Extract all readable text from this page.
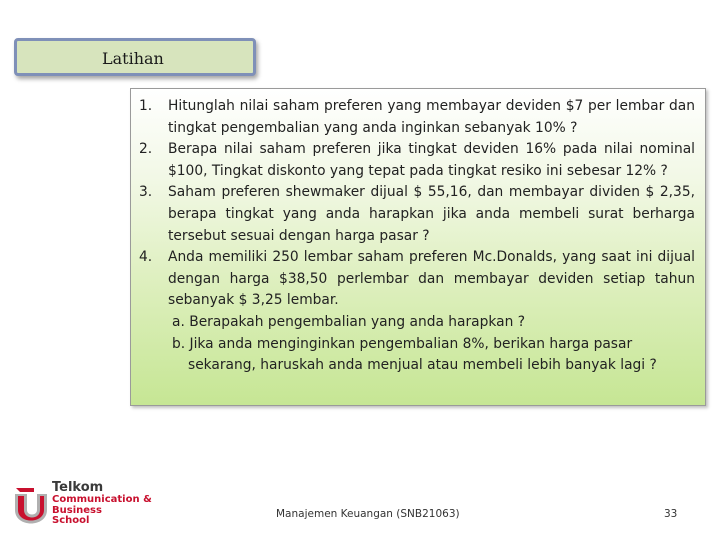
Latihan
1. Hitunglah nilai saham preferen yang membayar deviden $7 per lembar dan tingkat pengembalian yang anda inginkan sebanyak 10% ?
2. Berapa nilai saham preferen jika tingkat deviden 16% pada nilai nominal $100, Tingkat diskonto yang tepat pada tingkat resiko ini sebesar 12% ?
3. Saham preferen shewmaker dijual $ 55,16, dan membayar dividen $ 2,35, berapa tingkat yang anda harapkan jika anda membeli surat berharga tersebut sesuai dengan harga pasar ?
4. Anda memiliki 250 lembar saham preferen Mc.Donalds, yang saat ini dijual dengan harga $38,50 perlembar dan membayar deviden setiap tahun sebanyak $ 3,25 lembar.
a. Berapakah pengembalian yang anda harapkan ?
b. Jika anda menginginkan pengembalian 8%, berikan harga pasar
sekarang, haruskah anda menjual atau membeli lebih banyak lagi ?
Telkom
Communication &
Business
School
Manajemen Keuangan (SNB21063)	33
